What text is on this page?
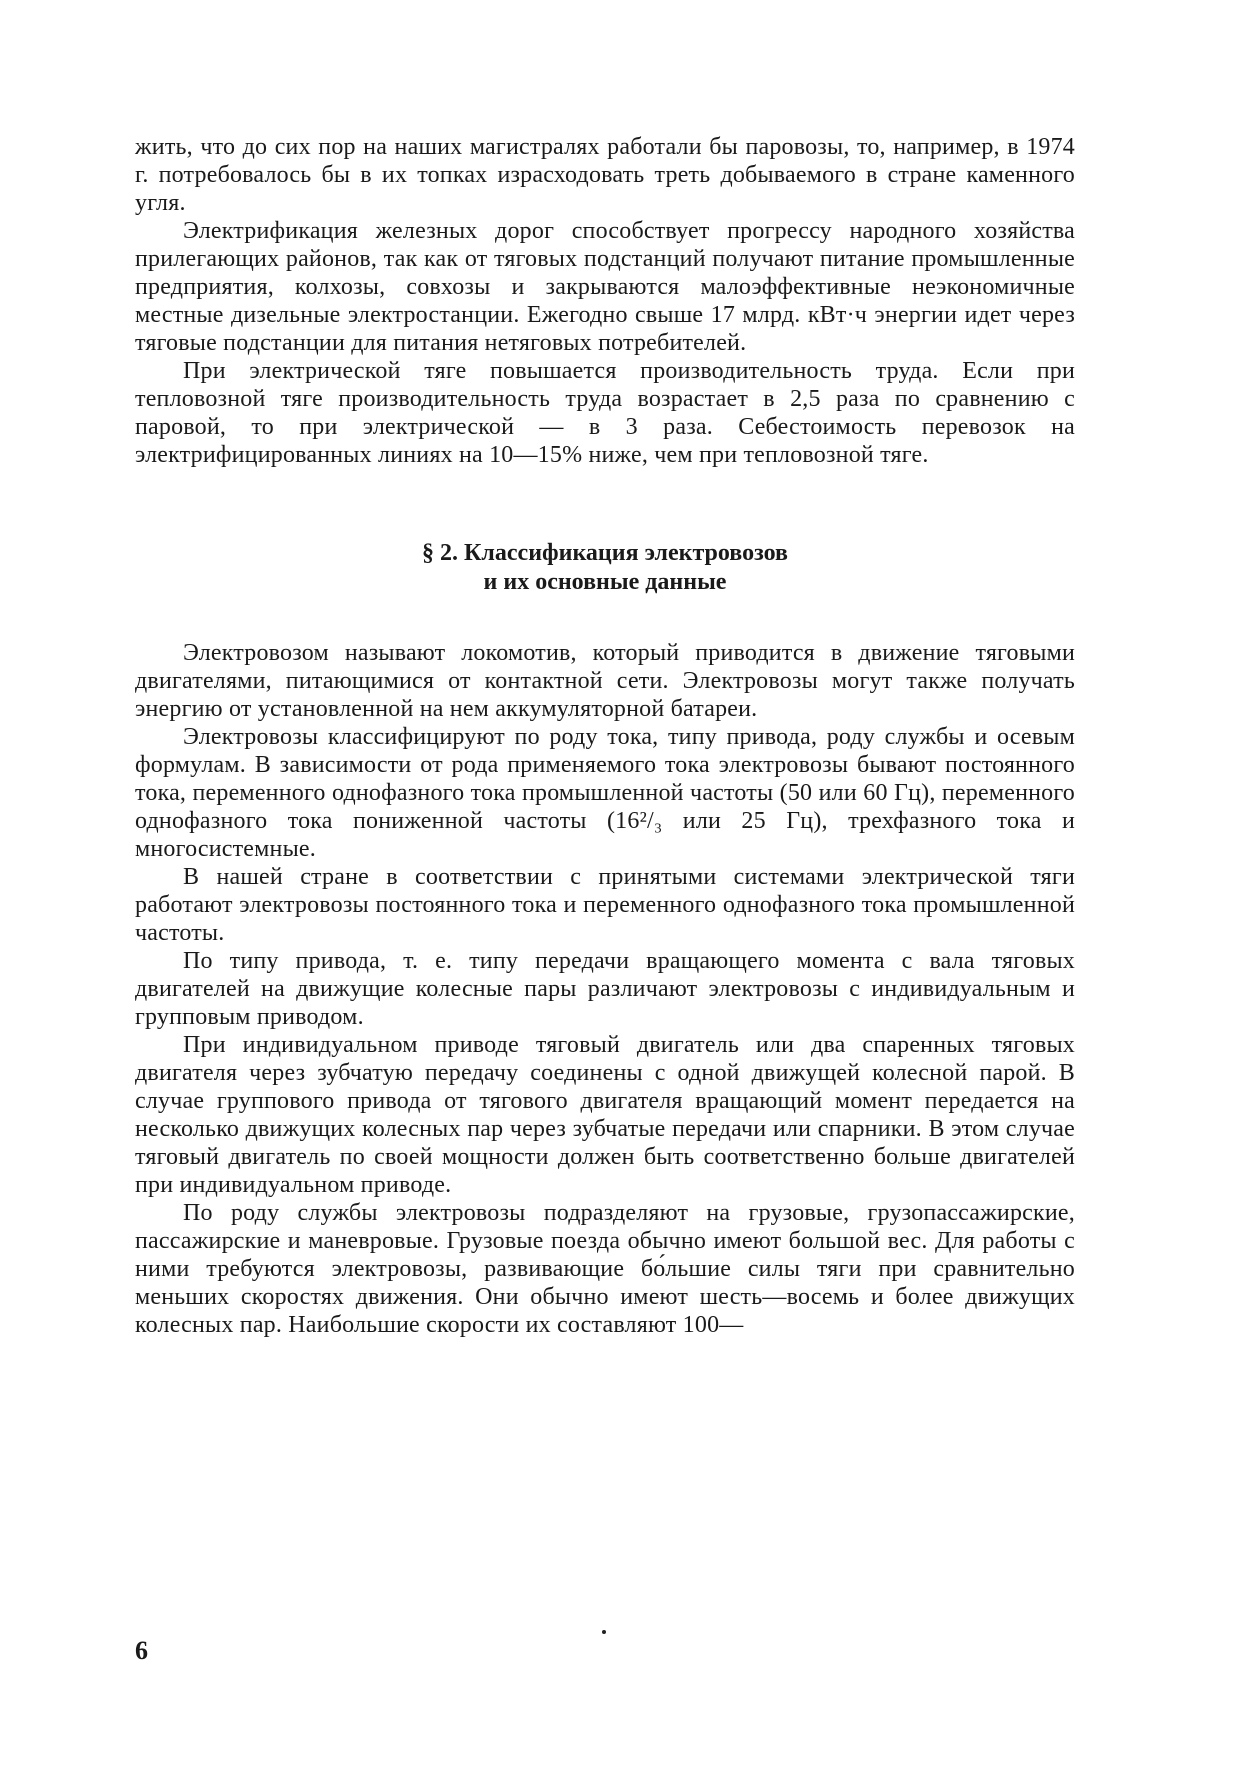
жить, что до сих пор на наших магистралях работали бы паровозы, то, например, в 1974 г. потребовалось бы в их топках израсходовать треть добываемого в стране каменного угля.

Электрификация железных дорог способствует прогрессу народного хозяйства прилегающих районов, так как от тяговых подстанций получают питание промышленные предприятия, колхозы, совхозы и закрываются малоэффективные неэкономичные местные дизельные электростанции. Ежегодно свыше 17 млрд. кВт·ч энергии идет через тяговые подстанции для питания нетяговых потребителей.

При электрической тяге повышается производительность труда. Если при тепловозной тяге производительность труда возрастает в 2,5 раза по сравнению с паровой, то при электрической — в 3 раза. Себестоимость перевозок на электрифицированных линиях на 10—15% ниже, чем при тепловозной тяге.

§ 2. Классификация электровозов
и их основные данные

Электровозом называют локомотив, который приводится в движение тяговыми двигателями, питающимися от контактной сети. Электровозы могут также получать энергию от установленной на нем аккумуляторной батареи.

Электровозы классифицируют по роду тока, типу привода, роду службы и осевым формулам. В зависимости от рода применяемого тока электровозы бывают постоянного тока, переменного однофазного тока промышленной частоты (50 или 60 Гц), переменного однофазного тока пониженной частоты (16²/₃ или 25 Гц), трехфазного тока и многосистемные.

В нашей стране в соответствии с принятыми системами электрической тяги работают электровозы постоянного тока и переменного однофазного тока промышленной частоты.

По типу привода, т. е. типу передачи вращающего момента с вала тяговых двигателей на движущие колесные пары различают электровозы с индивидуальным и групповым приводом.

При индивидуальном приводе тяговый двигатель или два спаренных тяговых двигателя через зубчатую передачу соединены с одной движущей колесной парой. В случае группового привода от тягового двигателя вращающий момент передается на несколько движущих колесных пар через зубчатые передачи или спарники. В этом случае тяговый двигатель по своей мощности должен быть соответственно больше двигателей при индивидуальном приводе.

По роду службы электровозы подразделяют на грузовые, грузопассажирские, пассажирские и маневровые. Грузовые поезда обычно имеют большой вес. Для работы с ними требуются электровозы, развивающие бо́льшие силы тяги при сравнительно меньших скоростях движения. Они обычно имеют шесть—восемь и более движущих колесных пар. Наибольшие скорости их составляют 100—

6
